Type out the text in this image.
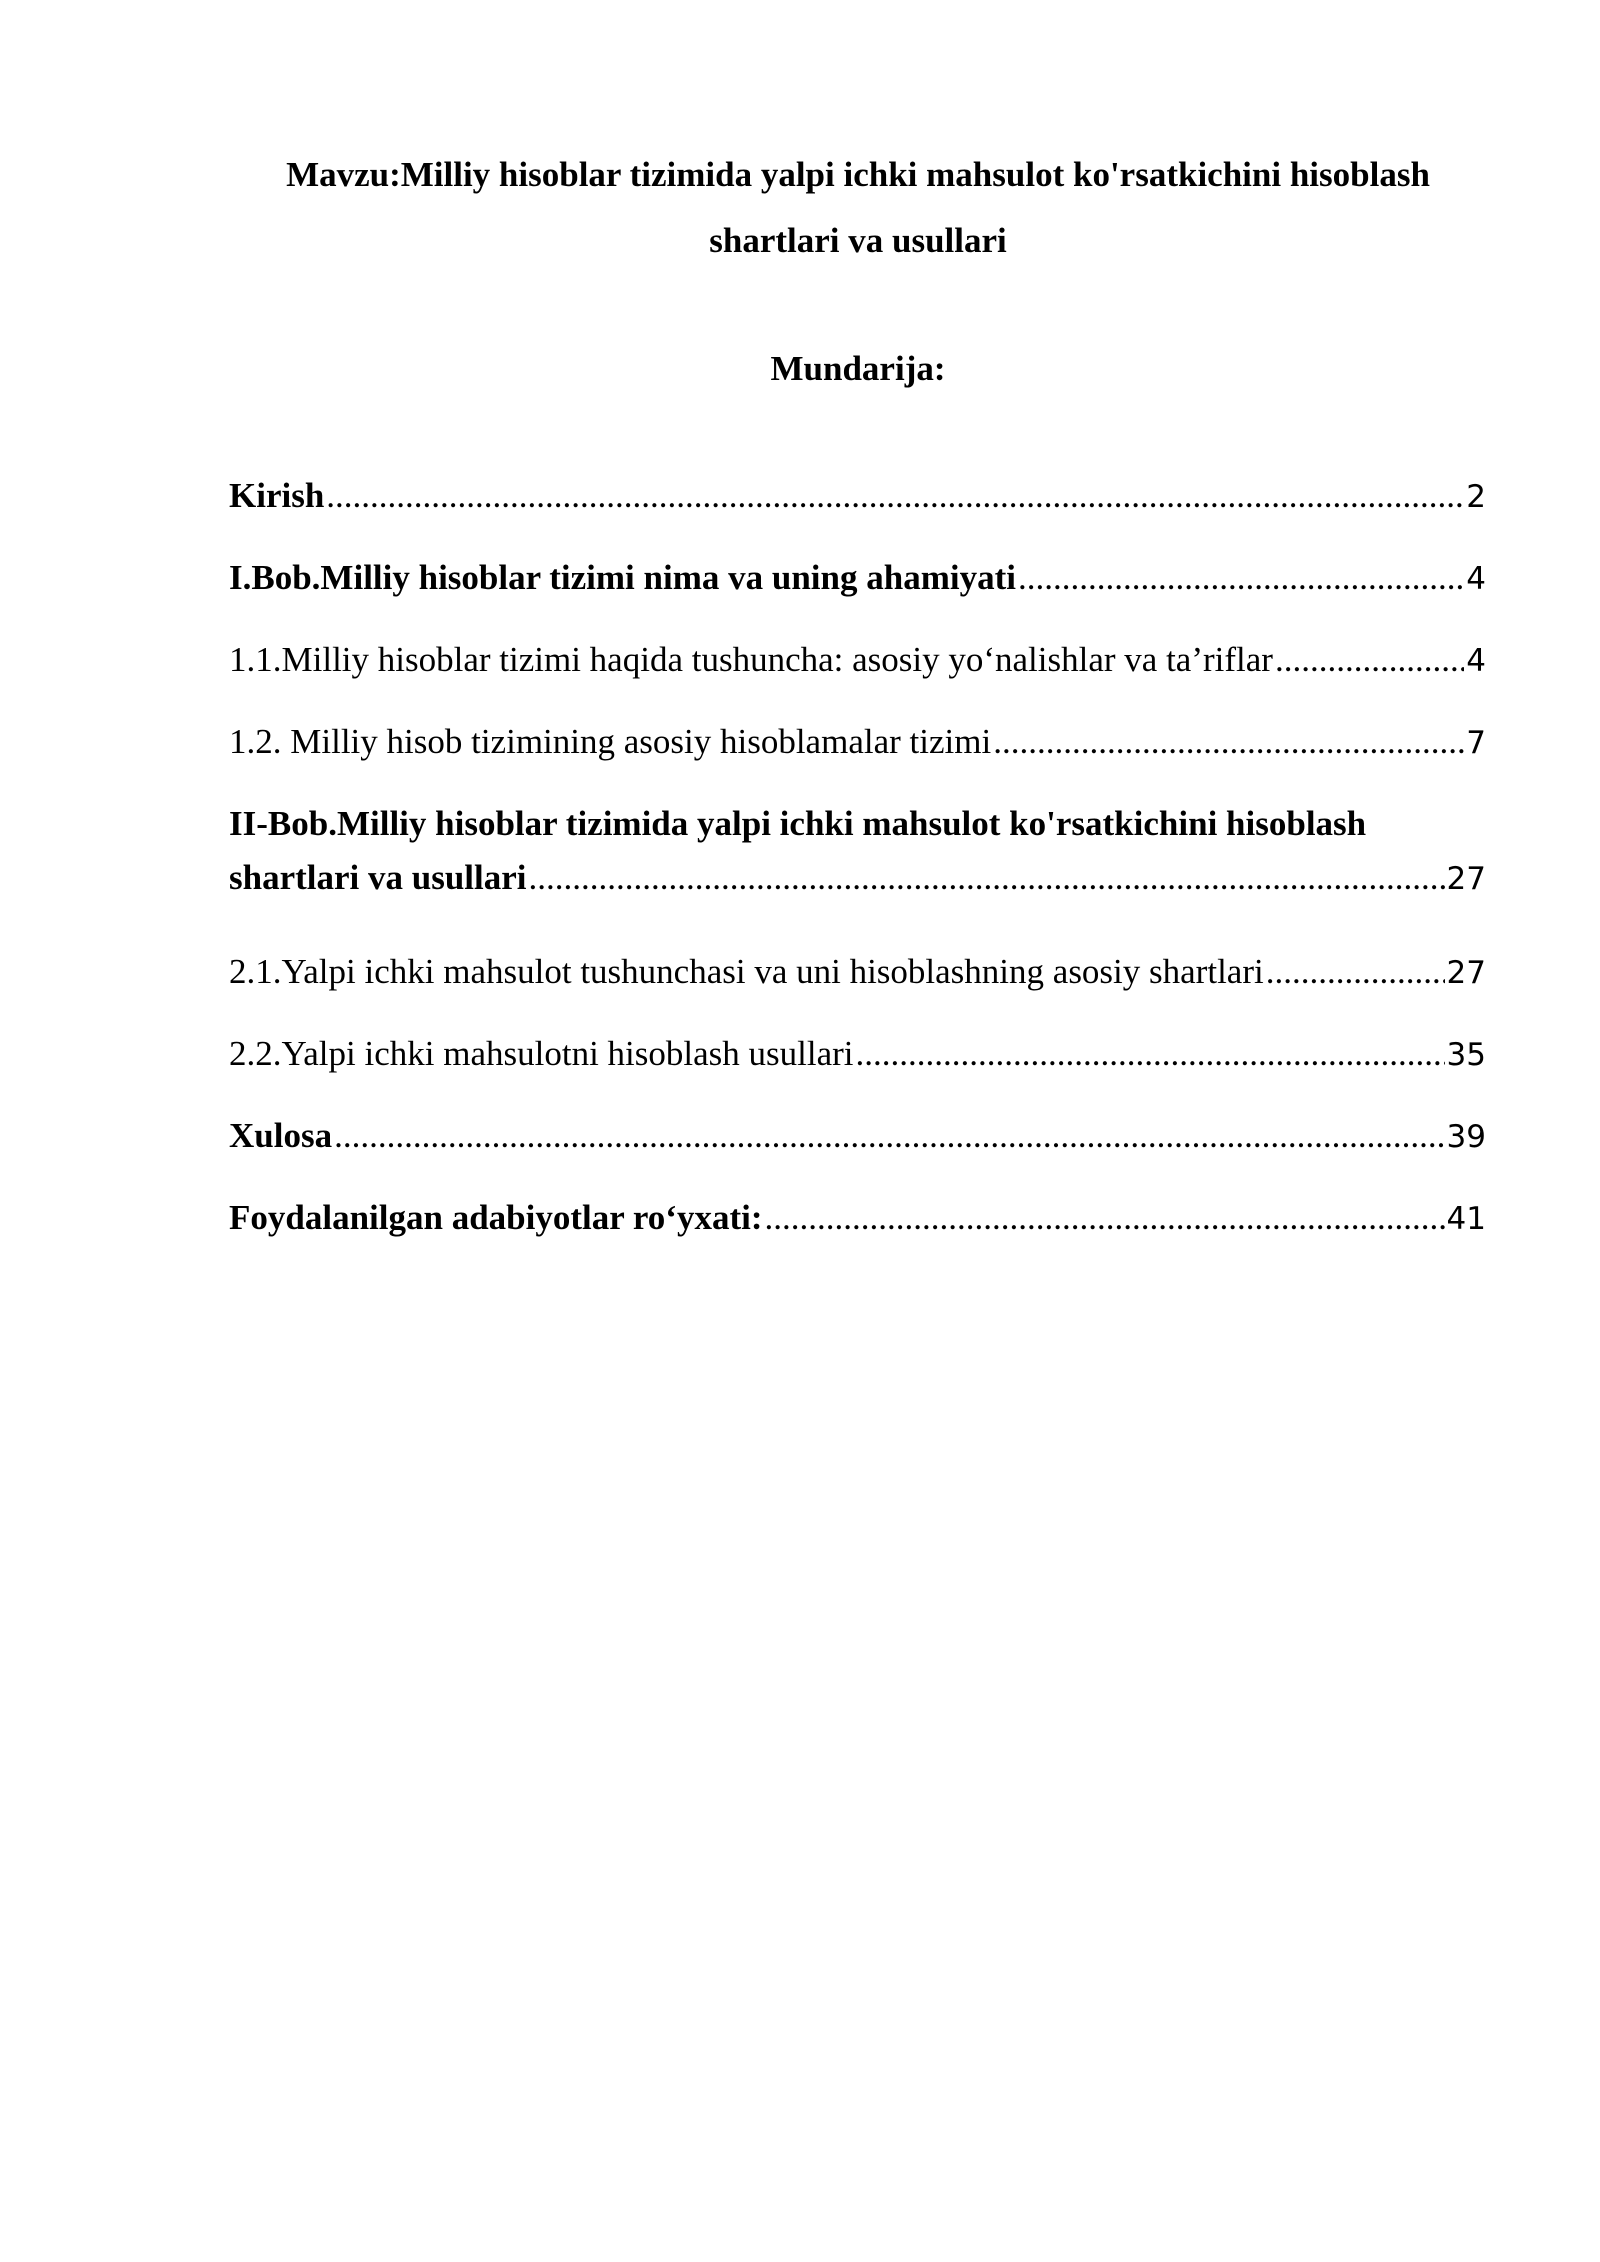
Mavzu:Milliy hisoblar tizimida yalpi ichki mahsulot ko'rsatkichini hisoblash
shartlari va usullari
Mundarija:
Kirish .....	2
I.Bob.Milliy hisoblar tizimi nima va uning ahamiyati .....	4
1.1.Milliy hisoblar tizimi haqida tushuncha: asosiy yo‘nalishlar va ta’riflar .....	4
1.2. Milliy hisob tizimining asosiy hisoblamalar tizimi .....	7
II-Bob.Milliy hisoblar tizimida yalpi ichki mahsulot ko'rsatkichini hisoblash
shartlari va usullari .....	27
2.1.Yalpi ichki mahsulot tushunchasi va uni hisoblashning asosiy shartlari .....	27
2.2.Yalpi ichki mahsulotni hisoblash usullari .....	35
Xulosa .....	39
Foydalanilgan adabiyotlar ro‘yxati: .....	41
